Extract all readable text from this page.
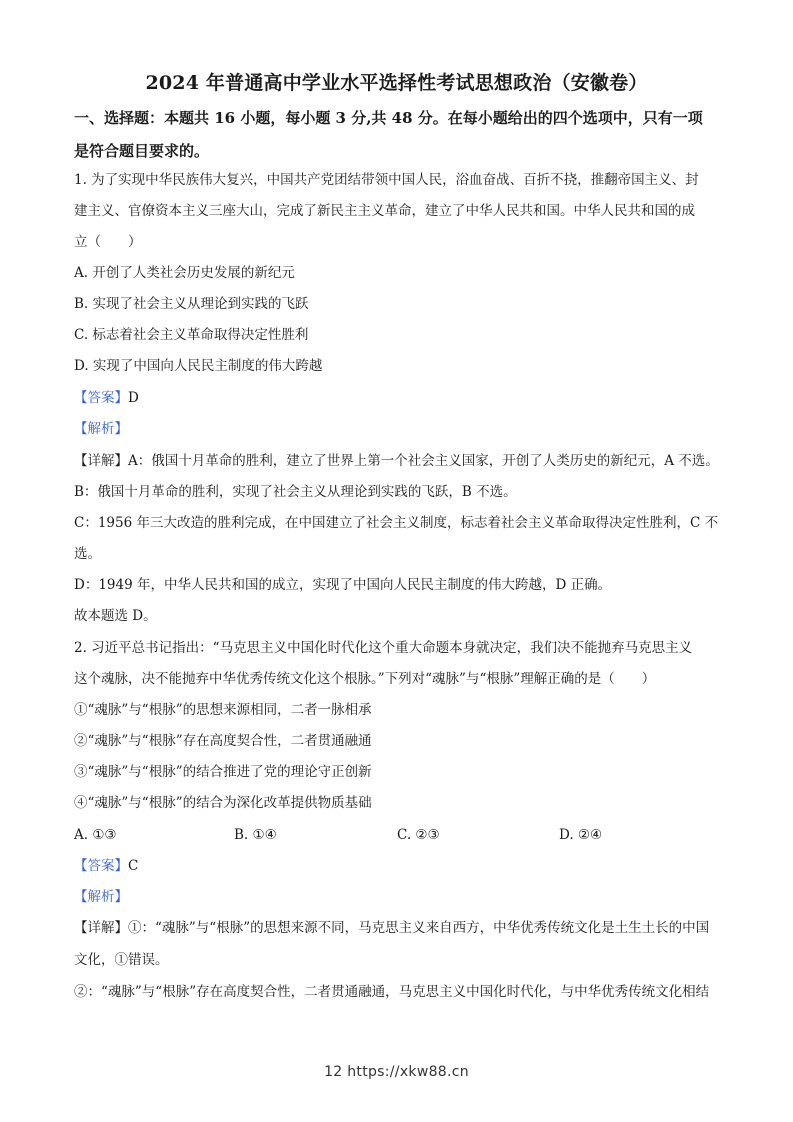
2024 年普通高中学业水平选择性考试思想政治（安徽卷）
一、选择题：本题共 16 小题，每小题 3 分,共 48 分。在每小题给出的四个选项中，只有一项
是符合题目要求的。
1. 为了实现中华民族伟大复兴，中国共产党团结带领中国人民，浴血奋战、百折不挠，推翻帝国主义、封
建主义、官僚资本主义三座大山，完成了新民主主义革命，建立了中华人民共和国。中华人民共和国的成
立（　　）
A. 开创了人类社会历史发展的新纪元
B. 实现了社会主义从理论到实践的飞跃
C. 标志着社会主义革命取得决定性胜利
D. 实现了中国向人民民主制度的伟大跨越
【答案】D
【解析】
【详解】A：俄国十月革命的胜利，建立了世界上第一个社会主义国家，开创了人类历史的新纪元，A 不选。
B：俄国十月革命的胜利，实现了社会主义从理论到实践的飞跃，B 不选。
C：1956 年三大改造的胜利完成，在中国建立了社会主义制度，标志着社会主义革命取得决定性胜利，C 不
选。
D：1949 年，中华人民共和国的成立，实现了中国向人民民主制度的伟大跨越，D 正确。
故本题选 D。
2. 习近平总书记指出：“马克思主义中国化时代化这个重大命题本身就决定，我们决不能抛弃马克思主义
这个魂脉，决不能抛弃中华优秀传统文化这个根脉。”下列对“魂脉”与“根脉”理解正确的是（　　）
①“魂脉”与“根脉”的思想来源相同，二者一脉相承
②“魂脉”与“根脉”存在高度契合性，二者贯通融通
③“魂脉”与“根脉”的结合推进了党的理论守正创新
④“魂脉”与“根脉”的结合为深化改革提供物质基础
A. ①③	B. ①④	C. ②③	D. ②④
【答案】C
【解析】
【详解】①：“魂脉”与“根脉”的思想来源不同，马克思主义来自西方，中华优秀传统文化是土生土长的中国
文化，①错误。
②：“魂脉”与“根脉”存在高度契合性，二者贯通融通，马克思主义中国化时代化，与中华优秀传统文化相结
12 https://xkw88.cn
